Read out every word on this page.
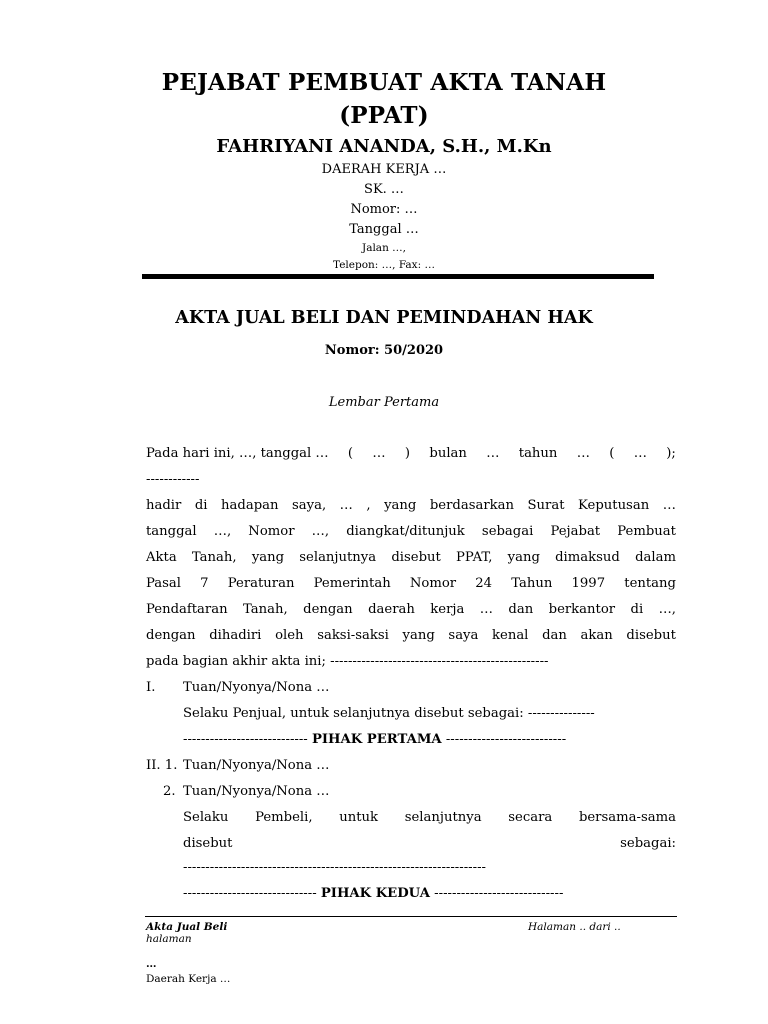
PEJABAT PEMBUAT AKTA TANAH
(PPAT)
FAHRIYANI ANANDA, S.H., M.Kn
DAERAH KERJA …
SK. …
Nomor: …
Tanggal …
Jalan …,
Telepon: …, Fax: …
AKTA JUAL BELI DAN PEMINDAHAN HAK
Nomor: 50/2020
Lembar Pertama
Pada hari ini, …, tanggal … ( … ) bulan … tahun … ( … );
------------
hadir di hadapan saya, … , yang berdasarkan Surat Keputusan …
tanggal …, Nomor …, diangkat/ditunjuk sebagai Pejabat Pembuat
Akta Tanah, yang selanjutnya disebut PPAT, yang dimaksud dalam
Pasal 7 Peraturan Pemerintah Nomor 24 Tahun 1997 tentang
Pendaftaran Tanah, dengan daerah kerja … dan berkantor di …,
dengan dihadiri oleh saksi-saksi yang saya kenal dan akan disebut
pada bagian akhir akta ini; -------------------------------------------------
I. Tuan/Nyonya/Nona …
Selaku Penjual, untuk selanjutnya disebut sebagai: ---------------
---------------------------- PIHAK PERTAMA ---------------------------
II. 1. Tuan/Nyonya/Nona …
2. Tuan/Nyonya/Nona …
Selaku Pembeli, untuk selanjutnya secara bersama-sama
disebut	sebagai:
--------------------------------------------------------------------
------------------------------ PIHAK KEDUA -----------------------------
Akta Jual Beli
halaman
Halaman .. dari ..
…
Daerah Kerja …
